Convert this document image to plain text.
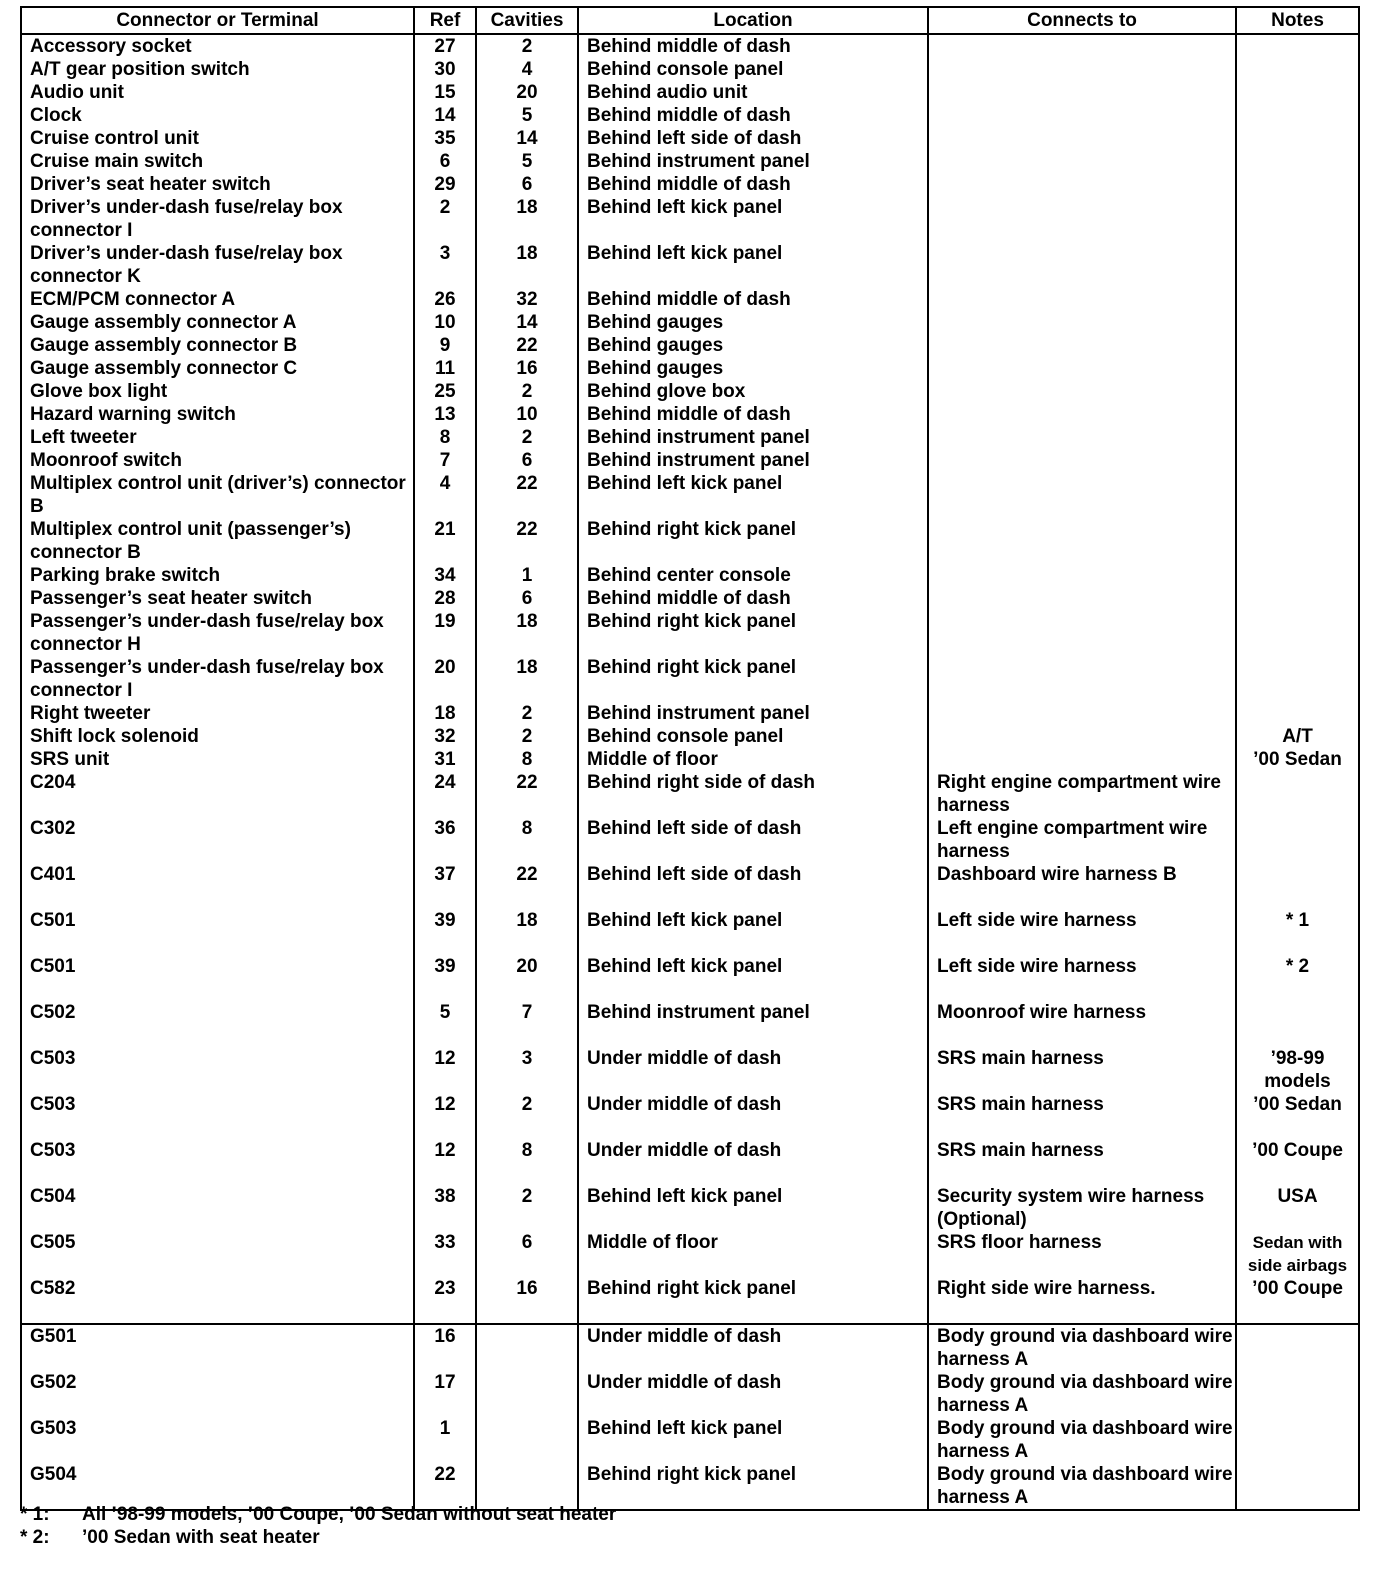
Connector or Terminal	Ref	Cavities	Location	Connects to	Notes
Accessory socket	27	2	Behind middle of dash		
A/T gear position switch	30	4	Behind console panel		
Audio unit	15	20	Behind audio unit		
Clock	14	5	Behind middle of dash		
Cruise control unit	35	14	Behind left side of dash		
Cruise main switch	6	5	Behind instrument panel		
Driver’s seat heater switch	29	6	Behind middle of dash		
Driver’s under-dash fuse/relay box connector I	2	18	Behind left kick panel		
Driver’s under-dash fuse/relay box connector K	3	18	Behind left kick panel		
ECM/PCM connector A	26	32	Behind middle of dash		
Gauge assembly connector A	10	14	Behind gauges		
Gauge assembly connector B	9	22	Behind gauges		
Gauge assembly connector C	11	16	Behind gauges		
Glove box light	25	2	Behind glove box		
Hazard warning switch	13	10	Behind middle of dash		
Left tweeter	8	2	Behind instrument panel		
Moonroof switch	7	6	Behind instrument panel		
Multiplex control unit (driver’s) connector B	4	22	Behind left kick panel		
Multiplex control unit (passenger’s) connector B	21	22	Behind right kick panel		
Parking brake switch	34	1	Behind center console		
Passenger’s seat heater switch	28	6	Behind middle of dash		
Passenger’s under-dash fuse/relay box connector H	19	18	Behind right kick panel		
Passenger’s under-dash fuse/relay box connector I	20	18	Behind right kick panel		
Right tweeter	18	2	Behind instrument panel		
Shift lock solenoid	32	2	Behind console panel		A/T
SRS unit	31	8	Middle of floor		’00 Sedan
C204	24	22	Behind right side of dash	Right engine compartment wire harness	
C302	36	8	Behind left side of dash	Left engine compartment wire harness	
C401	37	22	Behind left side of dash	Dashboard wire harness B	
C501	39	18	Behind left kick panel	Left side wire harness	* 1
C501	39	20	Behind left kick panel	Left side wire harness	* 2
C502	5	7	Behind instrument panel	Moonroof wire harness	
C503	12	3	Under middle of dash	SRS main harness	’98-99 models
C503	12	2	Under middle of dash	SRS main harness	’00 Sedan
C503	12	8	Under middle of dash	SRS main harness	’00 Coupe
C504	38	2	Behind left kick panel	Security system wire harness (Optional)	USA
C505	33	6	Middle of floor	SRS floor harness	Sedan with side airbags
C582	23	16	Behind right kick panel	Right side wire harness.	’00 Coupe
G501	16		Under middle of dash	Body ground via dashboard wire harness A	
G502	17		Under middle of dash	Body ground via dashboard wire harness A	
G503	1		Behind left kick panel	Body ground via dashboard wire harness A	
G504	22		Behind right kick panel	Body ground via dashboard wire harness A	
* 1: All ’98-99 models, ’00 Coupe, ’00 Sedan without seat heater
* 2: ’00 Sedan with seat heater
